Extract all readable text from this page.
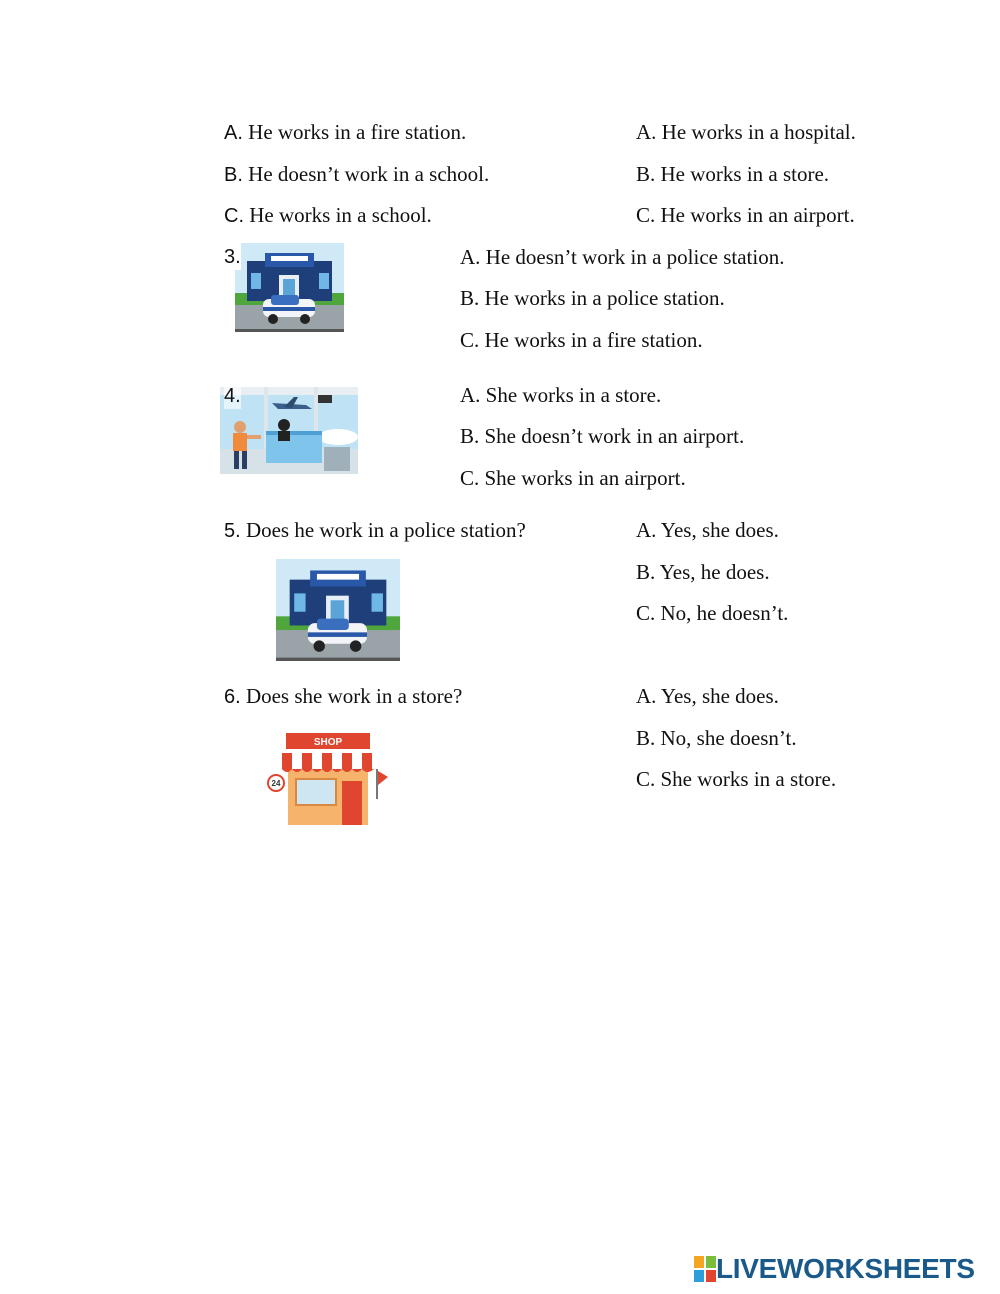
A. He works in a fire station.
B. He doesn’t work in a school.
C. He works in a school.
A. He works in a hospital.
B. He works in a store.
C. He works in an airport.
3.	A. He doesn’t work in a police station.
B. He works in a police station.
C. He works in a fire station.
4.	A. She works in a store.
B. She doesn’t work in an airport.
C. She works in an airport.
5. Does he work in a police station?	A. Yes, she does.
B. Yes, he does.
C. No, he doesn’t.
6. Does she work in a store?
SHOP
24
A. Yes, she does.
B. No, she doesn’t.
C. She works in a store.
LIVEWORKSHEETS
